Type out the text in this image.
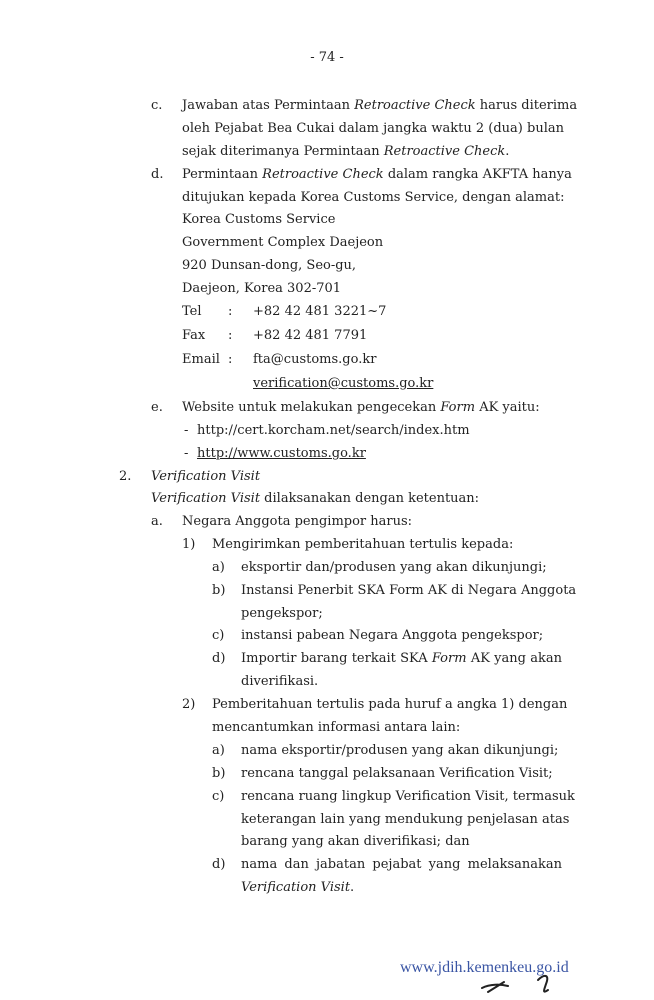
- 74 -
c. Jawaban atas Permintaan Retroactive Check harus diterima
oleh Pejabat Bea Cukai dalam jangka waktu 2 (dua) bulan
sejak diterimanya Permintaan Retroactive Check.
d. Permintaan Retroactive Check dalam rangka AKFTA hanya
ditujukan kepada Korea Customs Service, dengan alamat:
Korea Customs Service
Government Complex Daejeon
920 Dunsan-dong, Seo-gu,
Daejeon, Korea 302-701
Tel : +82 42 481 3221~7
Fax : +82 42 481 7791
Email : fta@customs.go.kr
verification@customs.go.kr
e. Website untuk melakukan pengecekan Form AK yaitu:
- http://cert.korcham.net/search/index.htm
- http://www.customs.go.kr
2. Verification Visit
Verification Visit dilaksanakan dengan ketentuan:
a. Negara Anggota pengimpor harus:
1) Mengirimkan pemberitahuan tertulis kepada:
a) eksportir dan/produsen yang akan dikunjungi;
b) Instansi Penerbit SKA Form AK di Negara Anggota
pengekspor;
c) instansi pabean Negara Anggota pengekspor;
d) Importir barang terkait SKA Form AK yang akan
diverifikasi.
2) Pemberitahuan tertulis pada huruf a angka 1) dengan
mencantumkan informasi antara lain:
a) nama eksportir/produsen yang akan dikunjungi;
b) rencana tanggal pelaksanaan Verification Visit;
c) rencana ruang lingkup Verification Visit, termasuk
keterangan lain yang mendukung penjelasan atas
barang yang akan diverifikasi; dan
d) nama dan jabatan pejabat yang melaksanakan
Verification Visit.
www.jdih.kemenkeu.go.id
